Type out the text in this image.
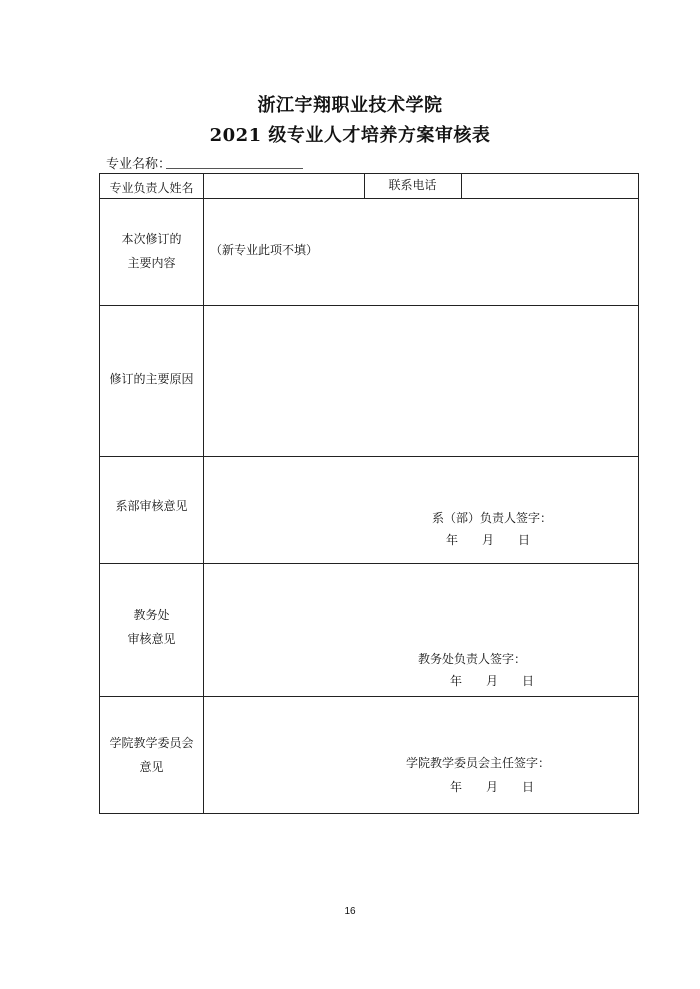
浙江宇翔职业技术学院
2021 级专业人才培养方案审核表
专业名称：
专业负责人姓名	联系电话
本次修订的
主要内容
（新专业此项不填）
修订的主要原因
系部审核意见
系（部）负责人签字：
年　　月　　日
教务处
审核意见
教务处负责人签字：
年　　月　　日
学院教学委员会
意见	学院教学委员会主任签字：
年　　月　　日
16
